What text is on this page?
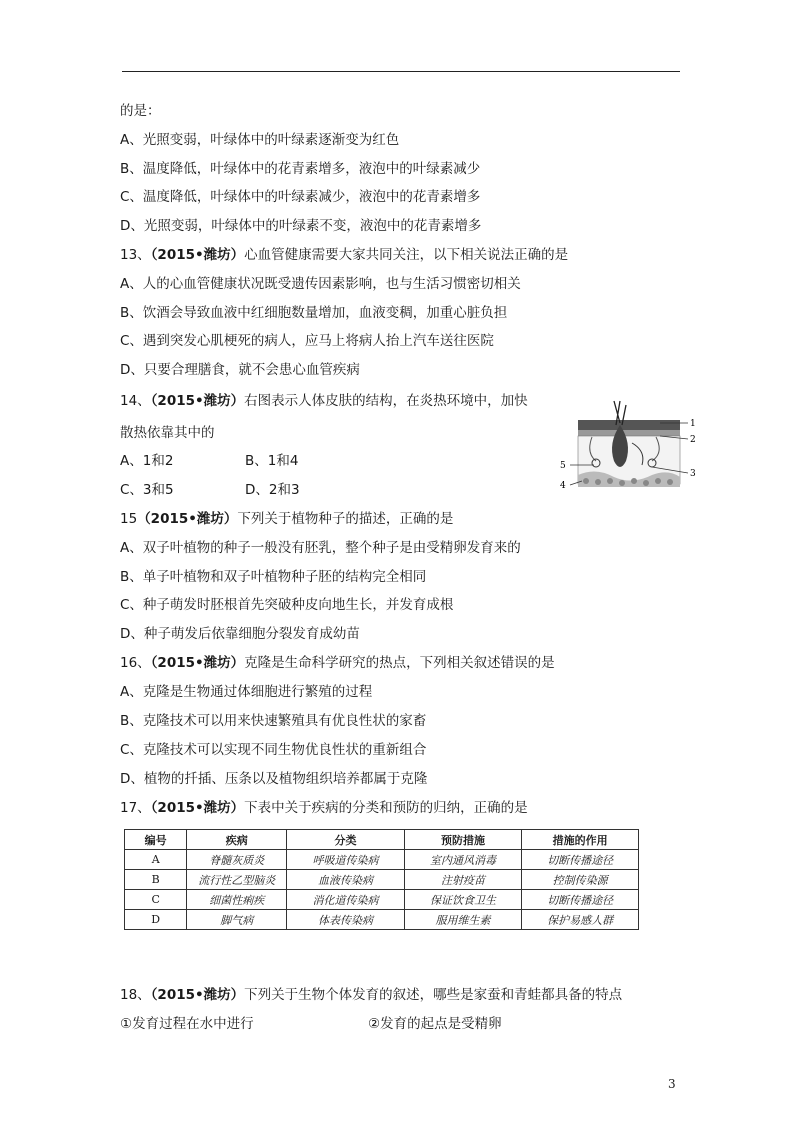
的是：
A、光照变弱，叶绿体中的叶绿素逐渐变为红色
B、温度降低，叶绿体中的花青素增多，液泡中的叶绿素减少
C、温度降低，叶绿体中的叶绿素减少，液泡中的花青素增多
D、光照变弱，叶绿体中的叶绿素不变，液泡中的花青素增多
13、（2015•潍坊）心血管健康需要大家共同关注，以下相关说法正确的是
A、人的心血管健康状况既受遗传因素影响，也与生活习惯密切相关
B、饮酒会导致血液中红细胞数量增加，血液变稠，加重心脏负担
C、遇到突发心肌梗死的病人，应马上将病人抬上汽车送往医院
D、只要合理膳食，就不会患心血管疾病
14、（2015•潍坊）右图表示人体皮肤的结构，在炎热环境中，加快
散热依靠其中的
A、1和2	B、1和4
C、3和5	D、2和3
1
2
3
4
5
15（2015•潍坊）下列关于植物种子的描述，正确的是
A、双子叶植物的种子一般没有胚乳，整个种子是由受精卵发育来的
B、单子叶植物和双子叶植物种子胚的结构完全相同
C、种子萌发时胚根首先突破种皮向地生长，并发育成根
D、种子萌发后依靠细胞分裂发育成幼苗
16、（2015•潍坊）克隆是生命科学研究的热点，下列相关叙述错误的是
A、克隆是生物通过体细胞进行繁殖的过程
B、克隆技术可以用来快速繁殖具有优良性状的家畜
C、克隆技术可以实现不同生物优良性状的重新组合
D、植物的扦插、压条以及植物组织培养都属于克隆
17、（2015•潍坊）下表中关于疾病的分类和预防的归纳，正确的是
编号	疾病	分类	预防措施	措施的作用
A	脊髓灰质炎	呼吸道传染病	室内通风消毒	切断传播途径
B	流行性乙型脑炎	血液传染病	注射疫苗	控制传染源
C	细菌性痢疾	消化道传染病	保证饮食卫生	切断传播途径
D	脚气病	体表传染病	服用维生素	保护易感人群
18、（2015•潍坊）下列关于生物个体发育的叙述，哪些是家蚕和青蛙都具备的特点
①发育过程在水中进行	②发育的起点是受精卵
3
